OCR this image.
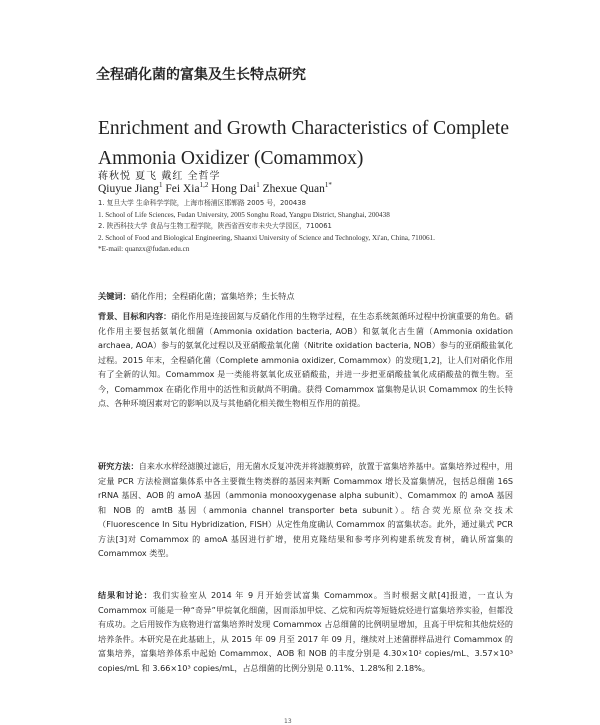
全程硝化菌的富集及生长特点研究
Enrichment and Growth Characteristics of Complete Ammonia Oxidizer (Comammox)
蒋秋悦 夏飞 戴红 全哲学
Qiuyue Jiang$^1$ Fei Xia$^{1,2}$ Hong Dai$^1$ Zhexue Quan$^{1*}$
1. 复旦大学 生命科学学院，上海市杨浦区邯郸路 2005 号，200438
1. School of Life Sciences, Fudan University, 2005 Songhu Road, Yangpu District, Shanghai, 200438
2. 陕西科技大学 食品与生物工程学院，陕西省西安市未央大学园区，710061
2. School of Food and Biological Engineering, Shaanxi University of Science and Technology, Xi'an, China, 710061.
*E-mail: quanzx@fudan.edu.cn
关键词：硝化作用；全程硝化菌；富集培养；生长特点
背景、目标和内容：硝化作用是连接固氮与反硝化作用的生物学过程，在生态系统氮循环过程中扮演重要的角色。硝化作用主要包括氨氧化细菌（Ammonia oxidation bacteria, AOB）和氨氧化古生菌（Ammonia oxidation archaea, AOA）参与的氨氧化过程以及亚硝酸盐氧化菌（Nitrite oxidation bacteria, NOB）参与的亚硝酸盐氧化过程。2015 年末，全程硝化菌（Complete ammonia oxidizer, Comammox）的发现[1,2]，让人们对硝化作用有了全新的认知。Comammox 是一类能将氨氧化成亚硝酸盐，并进一步把亚硝酸盐氧化成硝酸盐的微生物。至今，Comammox 在硝化作用中的活性和贡献尚不明确。获得 Comammox 富集物是认识 Comammox 的生长特点、各种环境因素对它的影响以及与其他硝化相关微生物相互作用的前提。
研究方法：自来水水样经滤膜过滤后，用无菌水反复冲洗并将滤膜剪碎，放置于富集培养基中。富集培养过程中，用定量 PCR 方法检测富集体系中各主要微生物类群的基因来判断 Comammox 增长及富集情况，包括总细菌 16S rRNA 基因、AOB 的 amoA 基因（ammonia monooxygenase alpha subunit）、Comammox 的 amoA 基因和 NOB 的 amtB 基因（ammonia channel transporter beta subunit）。结合荧光原位杂交技术（Fluorescence In Situ Hybridization, FISH）从定性角度确认 Comammox 的富集状态。此外，通过巢式 PCR 方法[3]对 Comammox 的 amoA 基因进行扩增，使用克隆结果和参考序列构建系统发育树，确认所富集的 Comammox 类型。
结果和讨论：我们实验室从 2014 年 9 月开始尝试富集 Comammox。当时根据文献[4]报道，一直认为 Comammox 可能是一种“奇异”甲烷氧化细菌，因而添加甲烷、乙烷和丙烷等短链烷烃进行富集培养实验，但都没有成功。之后用铵作为底物进行富集培养时发现 Comammox 占总细菌的比例明显增加，且高于甲烷和其他烷烃的培养条件。本研究是在此基础上，从 2015 年 09 月至 2017 年 09 月，继续对上述菌群样品进行 Comammox 的富集培养，富集培养体系中起始 Comammox、AOB 和 NOB 的丰度分别是 4.30×10² copies/mL、3.57×10³ copies/mL 和 3.66×10³ copies/mL，占总细菌的比例分别是 0.11%、1.28%和 2.18%。
13
